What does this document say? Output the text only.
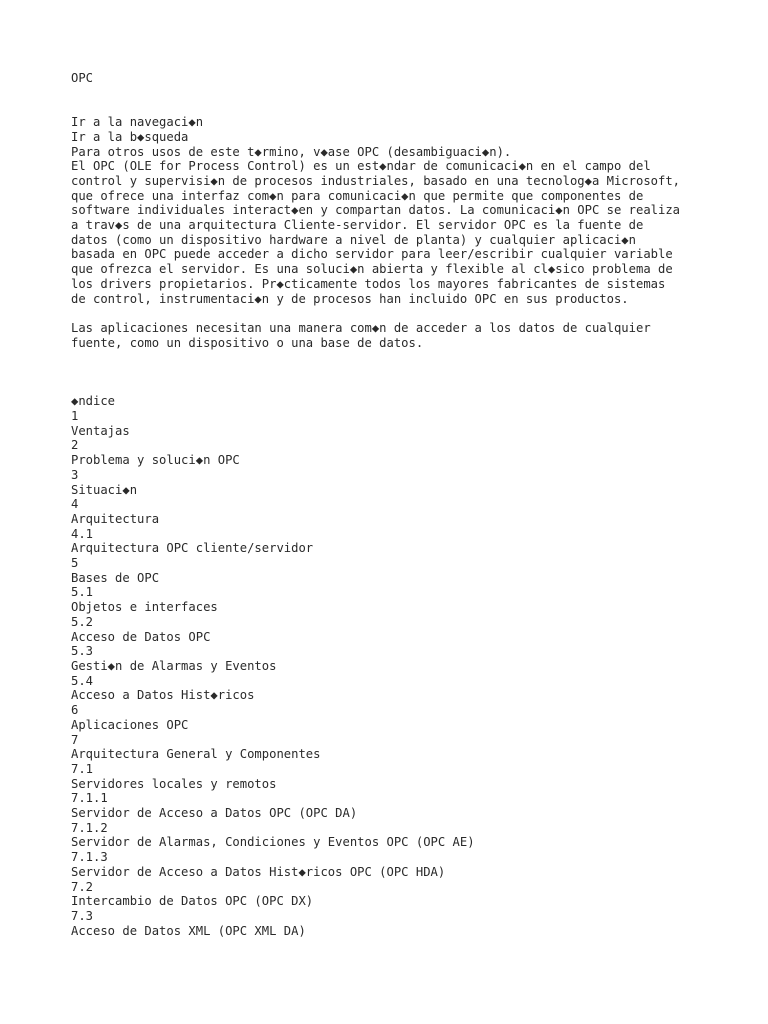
OPC
Ir a la navegaci◆n
Ir a la b◆squeda
Para otros usos de este t◆rmino, v◆ase OPC (desambiguaci◆n).
El OPC (OLE for Process Control) es un est◆ndar de comunicaci◆n en el campo del
control y supervisi◆n de procesos industriales, basado en una tecnolog◆a Microsoft,
que ofrece una interfaz com◆n para comunicaci◆n que permite que componentes de
software individuales interact◆en y compartan datos. La comunicaci◆n OPC se realiza
a trav◆s de una arquitectura Cliente-servidor. El servidor OPC es la fuente de
datos (como un dispositivo hardware a nivel de planta) y cualquier aplicaci◆n
basada en OPC puede acceder a dicho servidor para leer/escribir cualquier variable
que ofrezca el servidor. Es una soluci◆n abierta y flexible al cl◆sico problema de
los drivers propietarios. Pr◆cticamente todos los mayores fabricantes de sistemas
de control, instrumentaci◆n y de procesos han incluido OPC en sus productos.
Las aplicaciones necesitan una manera com◆n de acceder a los datos de cualquier
fuente, como un dispositivo o una base de datos.
◆ndice
1
Ventajas
2
Problema y soluci◆n OPC
3
Situaci◆n
4
Arquitectura
4.1
Arquitectura OPC cliente/servidor
5
Bases de OPC
5.1
Objetos e interfaces
5.2
Acceso de Datos OPC
5.3
Gesti◆n de Alarmas y Eventos
5.4
Acceso a Datos Hist◆ricos
6
Aplicaciones OPC
7
Arquitectura General y Componentes
7.1
Servidores locales y remotos
7.1.1
Servidor de Acceso a Datos OPC (OPC DA)
7.1.2
Servidor de Alarmas, Condiciones y Eventos OPC (OPC AE)
7.1.3
Servidor de Acceso a Datos Hist◆ricos OPC (OPC HDA)
7.2
Intercambio de Datos OPC (OPC DX)
7.3
Acceso de Datos XML (OPC XML DA)
